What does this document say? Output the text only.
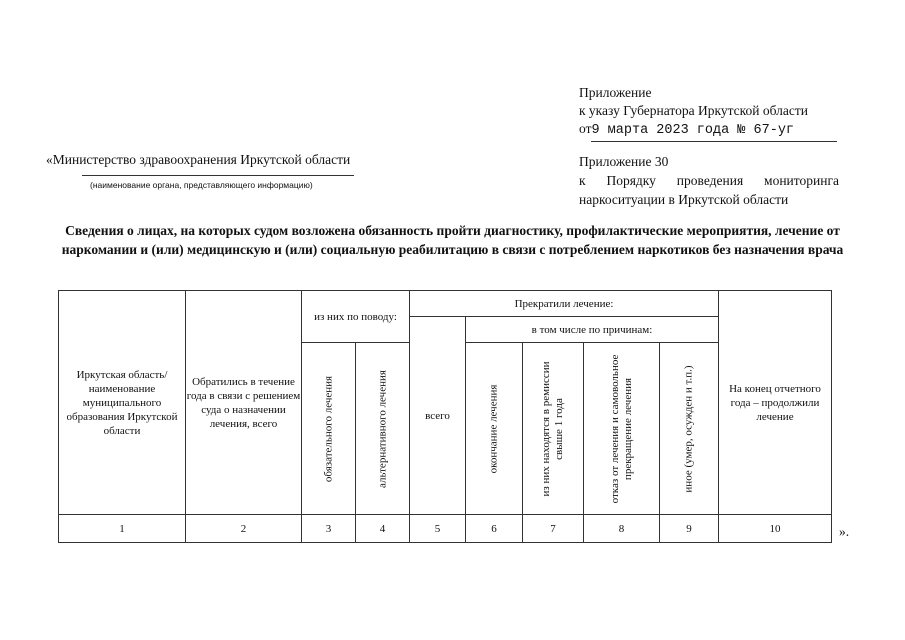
Приложение
к указу Губернатора Иркутской области
от9 марта 2023 года № 67-уг
Приложение 30
к Порядку проведения мониторинга наркоситуации в Иркутской области
«Министерство здравоохранения Иркутской области
(наименование органа, представляющего информацию)
Сведения о лицах, на которых судом возложена обязанность пройти диагностику, профилактические мероприятия, лечение от наркомании и (или) медицинскую и (или) социальную реабилитацию в связи с потреблением наркотиков без назначения врача
Иркутская область/ наименование муниципального образования Иркутской области	Обратились в течение года в связи с решением суда о назначении лечения, всего	из них по поводу:		Прекратили лечение:					На конец отчетного года – продолжили лечение
				всего	в том числе по причинам:				

		обязательного лечения	альтернативного лечения		окончание лечения	из них находятся в ремиссии свыше 1 года	отказ от лечения и самовольное прекращение лечения	иное (умер, осужден и т.п.)	

1	2	3	4	5	6	7	8	9	10	».
